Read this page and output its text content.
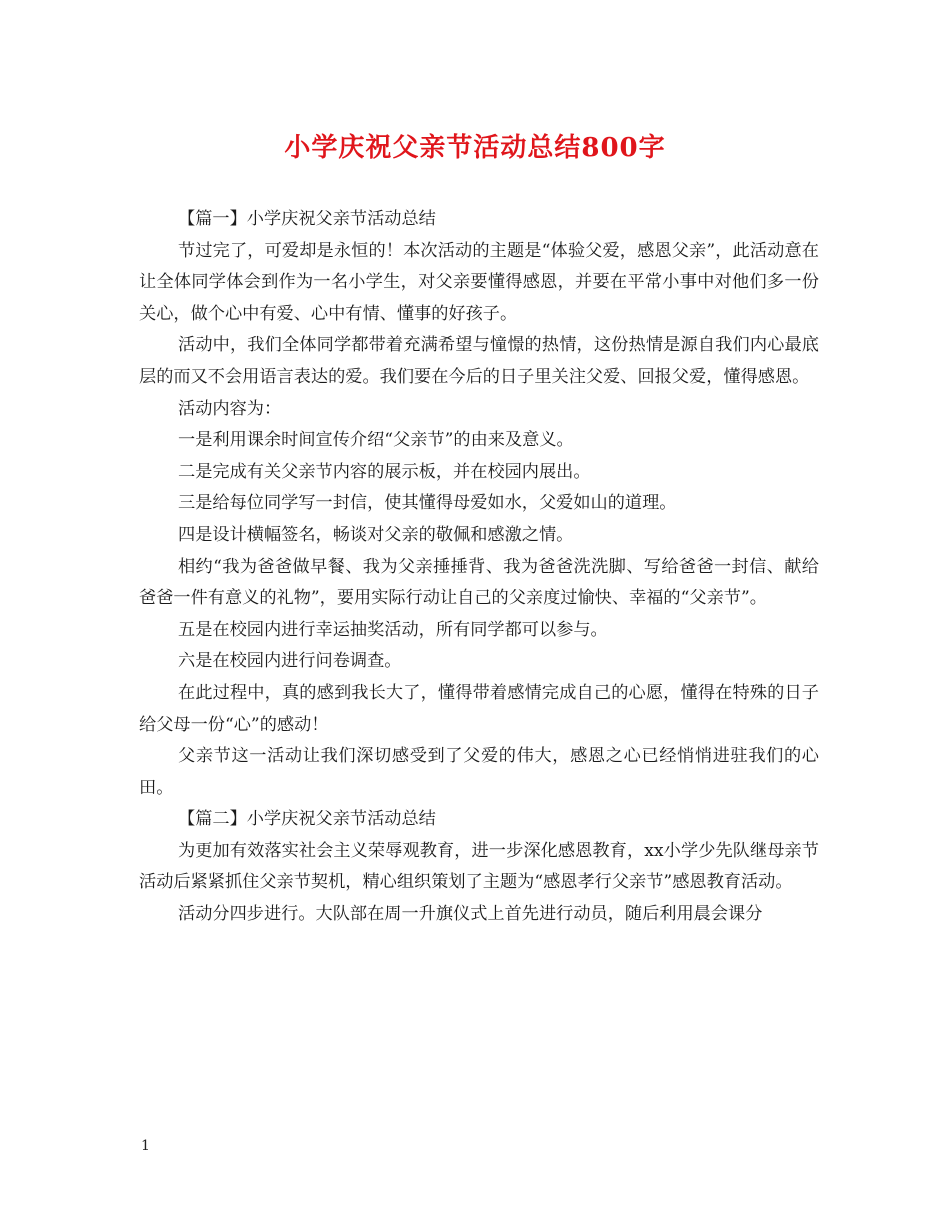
小学庆祝父亲节活动总结800字

【篇一】小学庆祝父亲节活动总结

节过完了，可爱却是永恒的！本次活动的主题是“体验父爱，感恩父亲”，此活动意在让全体同学体会到作为一名小学生，对父亲要懂得感恩，并要在平常小事中对他们多一份关心，做个心中有爱、心中有情、懂事的好孩子。

活动中，我们全体同学都带着充满希望与憧憬的热情，这份热情是源自我们内心最底层的而又不会用语言表达的爱。我们要在今后的日子里关注父爱、回报父爱，懂得感恩。

活动内容为：

一是利用课余时间宣传介绍“父亲节”的由来及意义。

二是完成有关父亲节内容的展示板，并在校园内展出。

三是给每位同学写一封信，使其懂得母爱如水，父爱如山的道理。

四是设计横幅签名，畅谈对父亲的敬佩和感激之情。

相约“我为爸爸做早餐、我为父亲捶捶背、我为爸爸洗洗脚、写给爸爸一封信、献给爸爸一件有意义的礼物”，要用实际行动让自己的父亲度过愉快、幸福的“父亲节”。

五是在校园内进行幸运抽奖活动，所有同学都可以参与。

六是在校园内进行问卷调查。

在此过程中，真的感到我长大了，懂得带着感情完成自己的心愿，懂得在特殊的日子给父母一份“心”的感动！

父亲节这一活动让我们深切感受到了父爱的伟大，感恩之心已经悄悄进驻我们的心田。

【篇二】小学庆祝父亲节活动总结

为更加有效落实社会主义荣辱观教育，进一步深化感恩教育，xx小学少先队继母亲节活动后紧紧抓住父亲节契机，精心组织策划了主题为“感恩孝行父亲节”感恩教育活动。

活动分四步进行。大队部在周一升旗仪式上首先进行动员，随后利用晨会课分

1
